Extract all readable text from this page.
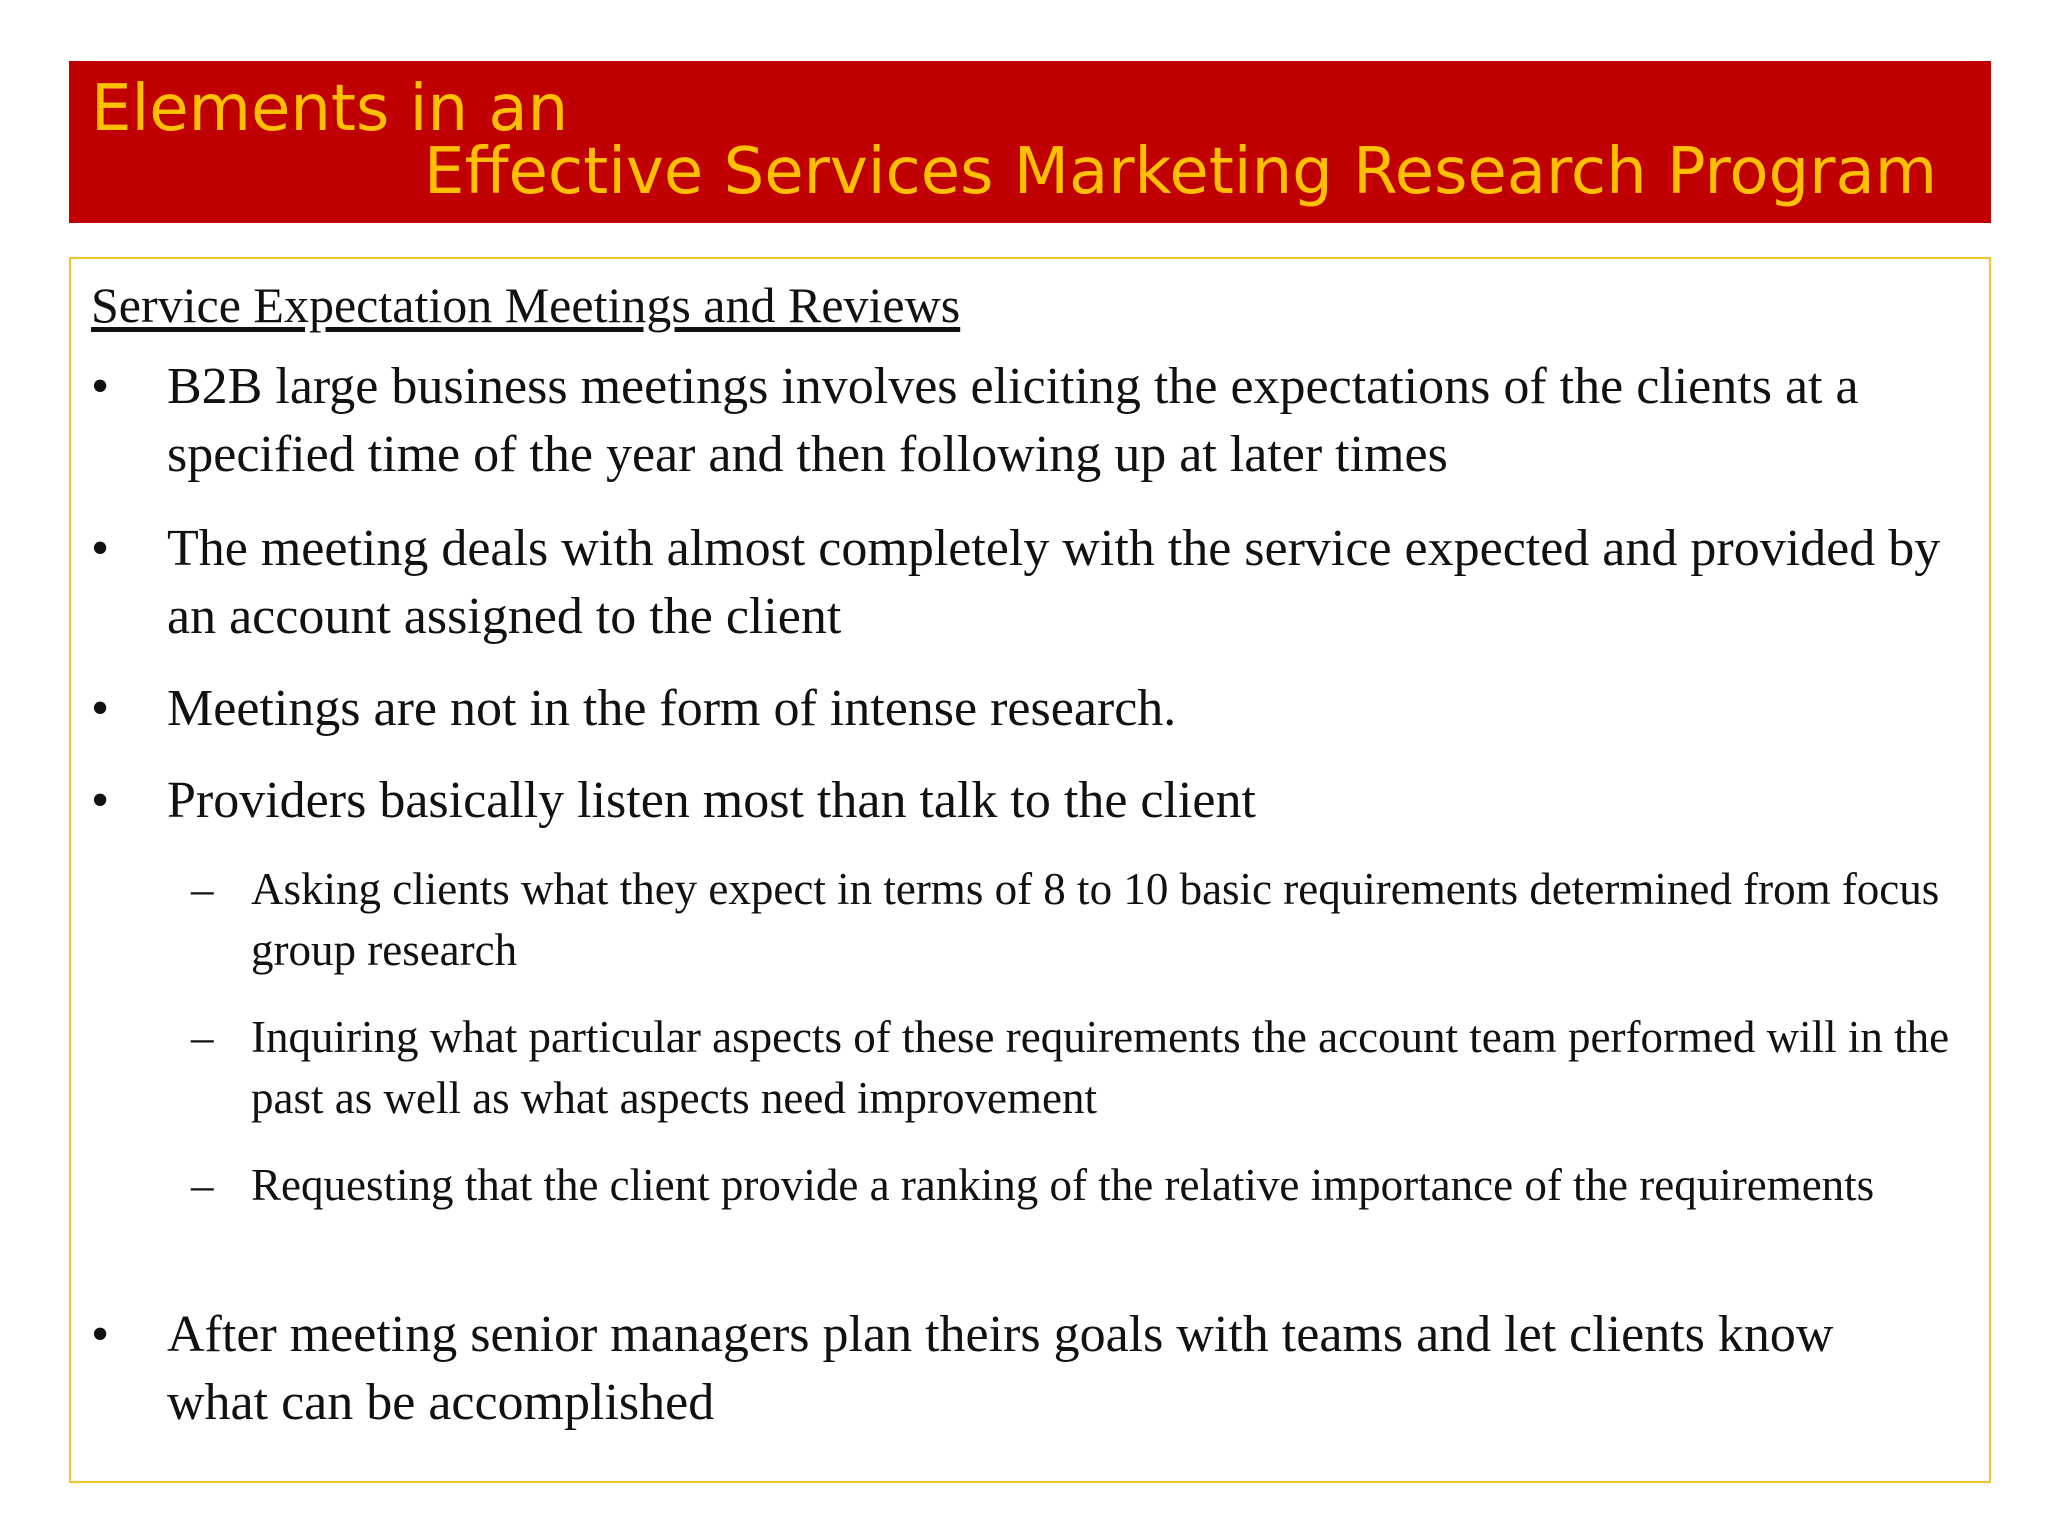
Elements in an
Effective Services Marketing Research Program
Service Expectation Meetings and Reviews
•	B2B large business meetings involves eliciting the expectations of the clients at a specified time of the year and then following up at later times
•	The meeting deals with almost completely with the service expected and provided by an account assigned to the client
•	Meetings are not in the form of intense research.
•	Providers basically listen most than talk to the client
– Asking clients what they expect in terms of 8 to 10 basic requirements determined from focus group research
– Inquiring what particular aspects of these requirements the account team performed will in the past as well as what aspects need improvement
– Requesting that the client provide a ranking of the relative importance of the requirements
•	After meeting senior managers plan theirs goals with teams and let clients know what can be accomplished
